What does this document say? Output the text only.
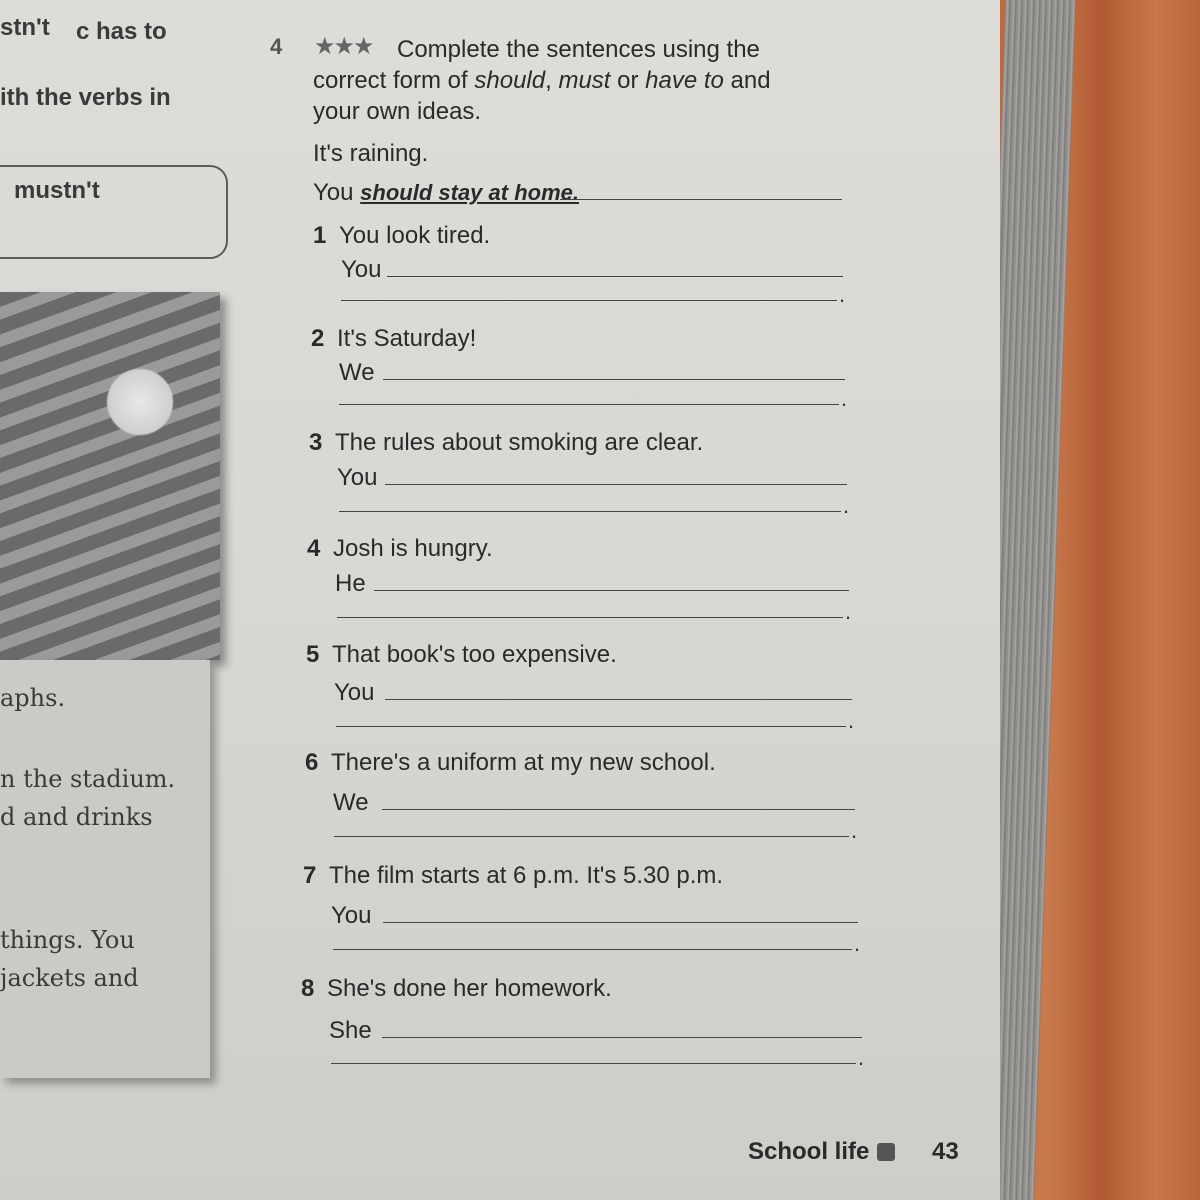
stn't c has to
ith the verbs in
mustn't
aphs.
n the stadium.
d and drinks
things. You
jackets and
4 ★★★ Complete the sentences using the
correct form of should, must or have to and
your own ideas.
It's raining.
You should stay at home.
1 You look tired.
You
.
2 It's Saturday!
We
.
3 The rules about smoking are clear.
You
.
4 Josh is hungry.
He
.
5 That book's too expensive.
You
.
6 There's a uniform at my new school.
We
.
7 The film starts at 6 p.m. It's 5.30 p.m.
You
.
8 She's done her homework.
She
.
School life	43
